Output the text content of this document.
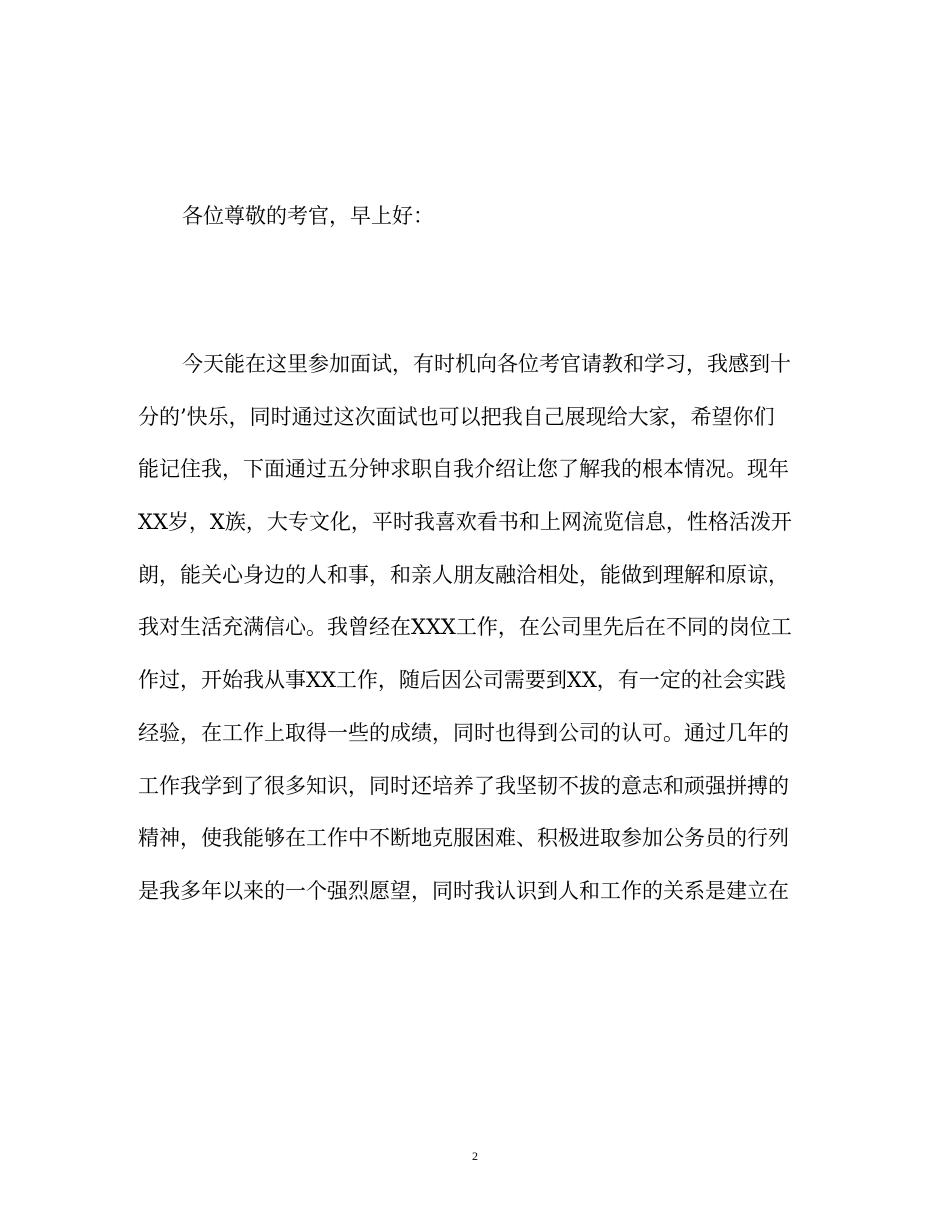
各位尊敬的考官，早上好：

今天能在这里参加面试，有时机向各位考官请教和学习，我感到十
分的’快乐，同时通过这次面试也可以把我自己展现给大家，希望你们
能记住我，下面通过五分钟求职自我介绍让您了解我的根本情况。现年
XX岁，X族，大专文化，平时我喜欢看书和上网流览信息，性格活泼开
朗，能关心身边的人和事，和亲人朋友融洽相处，能做到理解和原谅，
我对生活充满信心。我曾经在XXX工作，在公司里先后在不同的岗位工
作过，开始我从事XX工作，随后因公司需要到XX，有一定的社会实践
经验，在工作上取得一些的成绩，同时也得到公司的认可。通过几年的
工作我学到了很多知识，同时还培养了我坚韧不拔的意志和顽强拼搏的
精神，使我能够在工作中不断地克服困难、积极进取参加公务员的行列
是我多年以来的一个强烈愿望，同时我认识到人和工作的关系是建立在
2
